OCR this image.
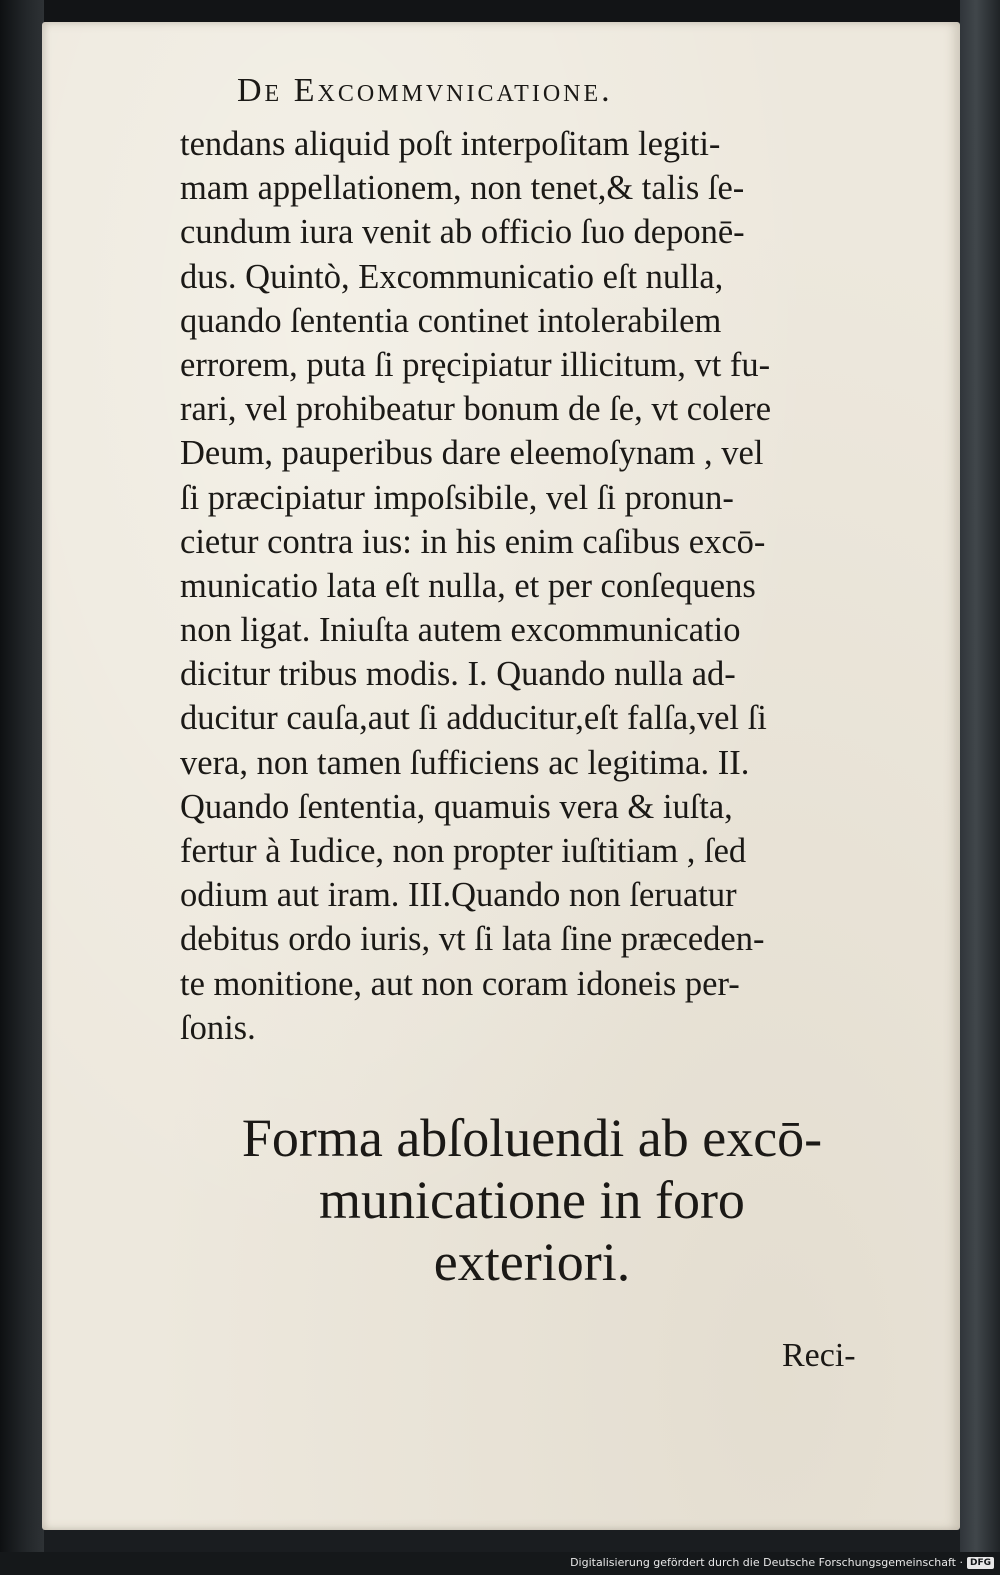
De Excommvnicatione.
tendans aliquid poſt interpoſitam legiti-
mam appellationem, non tenet,& talis ſe-
cundum iura venit ab officio ſuo deponē-
dus. Quintò, Excommunicatio eſt nulla,
quando ſententia continet intolerabilem
errorem, puta ſi pręcipiatur illicitum, vt fu-
rari, vel prohibeatur bonum de ſe, vt colere
Deum, pauperibus dare eleemoſynam , vel
ſi præcipiatur impoſsibile, vel ſi pronun-
cietur contra ius: in his enim caſibus excō-
municatio lata eſt nulla, et per conſequens
non ligat. Iniuſta autem excommunicatio
dicitur tribus modis. I. Quando nulla ad-
ducitur cauſa,aut ſi adducitur,eſt falſa,vel ſi
vera, non tamen ſufficiens ac legitima. II.
Quando ſententia, quamuis vera & iuſta,
fertur à Iudice, non propter iuſtitiam , ſed
odium aut iram. III.Quando non ſeruatur
debitus ordo iuris, vt ſi lata ſine præceden-
te monitione, aut non coram idoneis per-
ſonis.
Forma abſoluendi ab excō-
municatione in foro
exteriori.
Reci-
Digitalisierung gefördert durch die Deutsche Forschungsgemeinschaft · DFG
